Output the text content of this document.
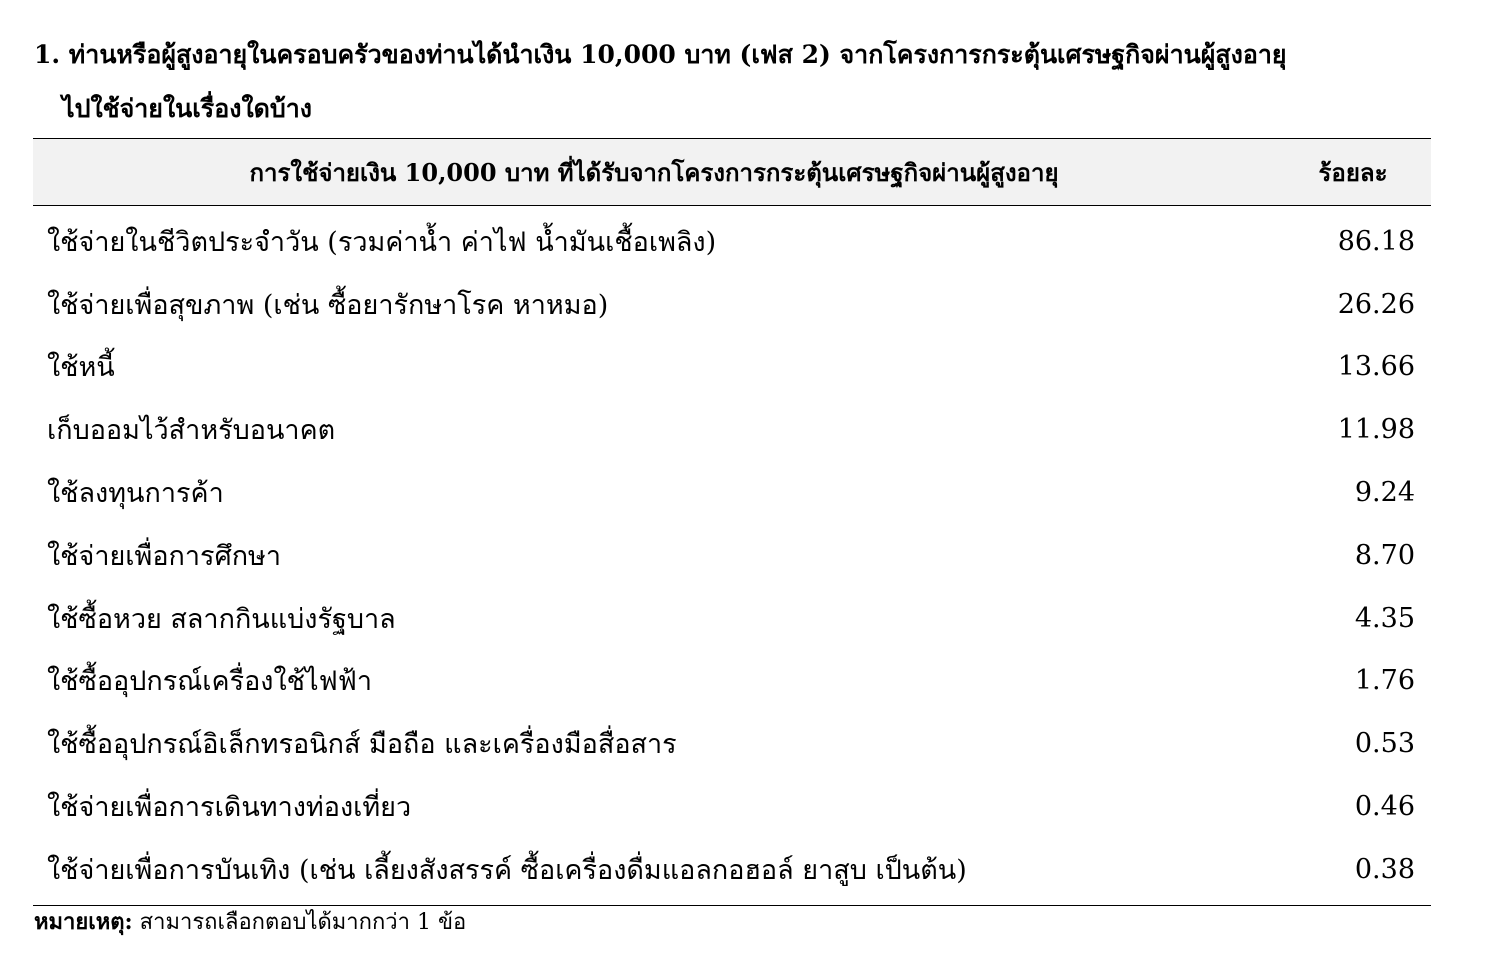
1. ท่านหรือผู้สูงอายุในครอบครัวของท่านได้นำเงิน 10,000 บาท (เฟส 2) จากโครงการกระตุ้นเศรษฐกิจผ่านผู้สูงอายุ
ไปใช้จ่ายในเรื่องใดบ้าง
การใช้จ่ายเงิน 10,000 บาท ที่ได้รับจากโครงการกระตุ้นเศรษฐกิจผ่านผู้สูงอายุ	ร้อยละ
ใช้จ่ายในชีวิตประจำวัน (รวมค่าน้ำ ค่าไฟ น้ำมันเชื้อเพลิง)	86.18
ใช้จ่ายเพื่อสุขภาพ (เช่น ซื้อยารักษาโรค หาหมอ)	26.26
ใช้หนี้	13.66
เก็บออมไว้สำหรับอนาคต	11.98
ใช้ลงทุนการค้า	9.24
ใช้จ่ายเพื่อการศึกษา	8.70
ใช้ซื้อหวย สลากกินแบ่งรัฐบาล	4.35
ใช้ซื้ออุปกรณ์เครื่องใช้ไฟฟ้า	1.76
ใช้ซื้ออุปกรณ์อิเล็กทรอนิกส์ มือถือ และเครื่องมือสื่อสาร	0.53
ใช้จ่ายเพื่อการเดินทางท่องเที่ยว	0.46
ใช้จ่ายเพื่อการบันเทิง (เช่น เลี้ยงสังสรรค์ ซื้อเครื่องดื่มแอลกอฮอล์ ยาสูบ เป็นต้น)	0.38
หมายเหตุ: สามารถเลือกตอบได้มากกว่า 1 ข้อ
